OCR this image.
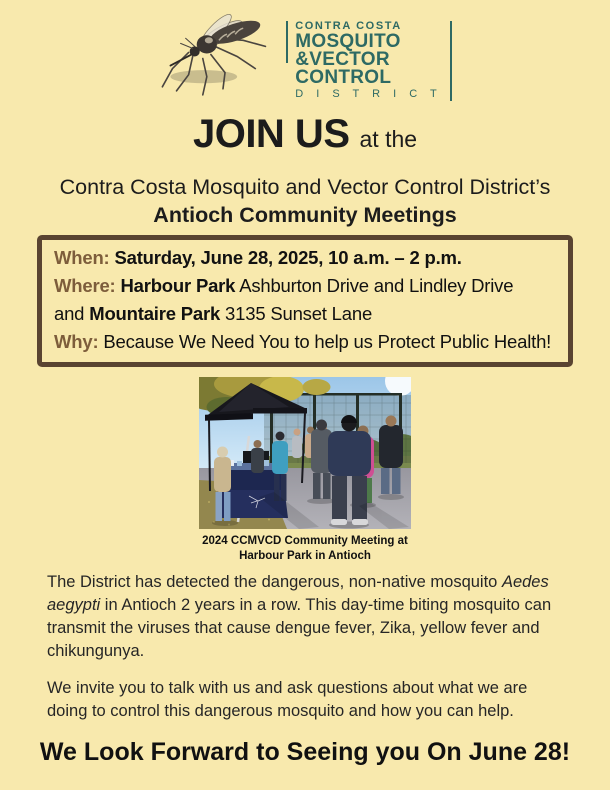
CONTRA COSTA
MOSQUITO
&VECTOR
CONTROL
D I S T R I C T
JOIN US at the
Contra Costa Mosquito and Vector Control District’s
Antioch Community Meetings

When: Saturday, June 28, 2025, 10 a.m. – 2 p.m.

Where: Harbour Park Ashburton Drive and Lindley Drive
and Mountaire Park 3135 Sunset Lane

Why: Because We Need You to help us Protect Public Health!

2024 CCMVCD Community Meeting at
Harbour Park in Antioch

The District has detected the dangerous, non-native mosquito Aedes aegypti in Antioch 2 years in a row. This day-time biting mosquito can transmit the viruses that cause dengue fever, Zika, yellow fever and chikungunya.

We invite you to talk with us and ask questions about what we are doing to control this dangerous mosquito and how you can help.

We Look Forward to Seeing you On June 28!
